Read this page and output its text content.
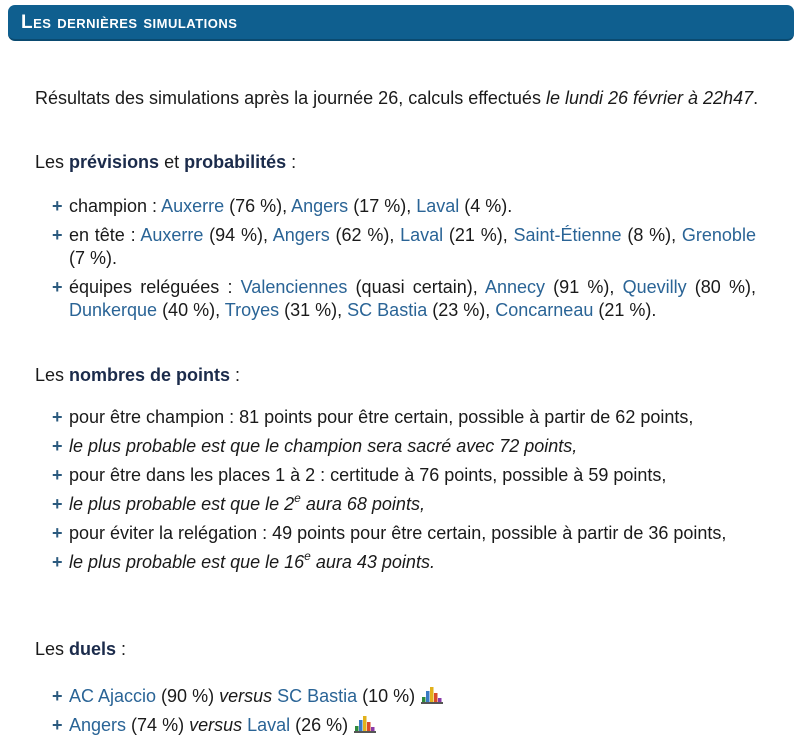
Les dernières simulations
Résultats des simulations après la journée 26, calculs effectués le lundi 26 février à 22h47.
Les prévisions et probabilités :
+ champion : Auxerre (76 %), Angers (17 %), Laval (4 %).
+ en tête : Auxerre (94 %), Angers (62 %), Laval (21 %), Saint-Étienne (8 %), Grenoble (7 %).
+ équipes reléguées : Valenciennes (quasi certain), Annecy (91 %), Quevilly (80 %), Dunkerque (40 %), Troyes (31 %), SC Bastia (23 %), Concarneau (21 %).
Les nombres de points :
+ pour être champion : 81 points pour être certain, possible à partir de 62 points,
+ le plus probable est que le champion sera sacré avec 72 points,
+ pour être dans les places 1 à 2 : certitude à 76 points, possible à 59 points,
+ le plus probable est que le 2e aura 68 points,
+ pour éviter la relégation : 49 points pour être certain, possible à partir de 36 points,
+ le plus probable est que le 16e aura 43 points.
Les duels :
+ AC Ajaccio (90 %) versus SC Bastia (10 %)
+ Angers (74 %) versus Laval (26 %)
